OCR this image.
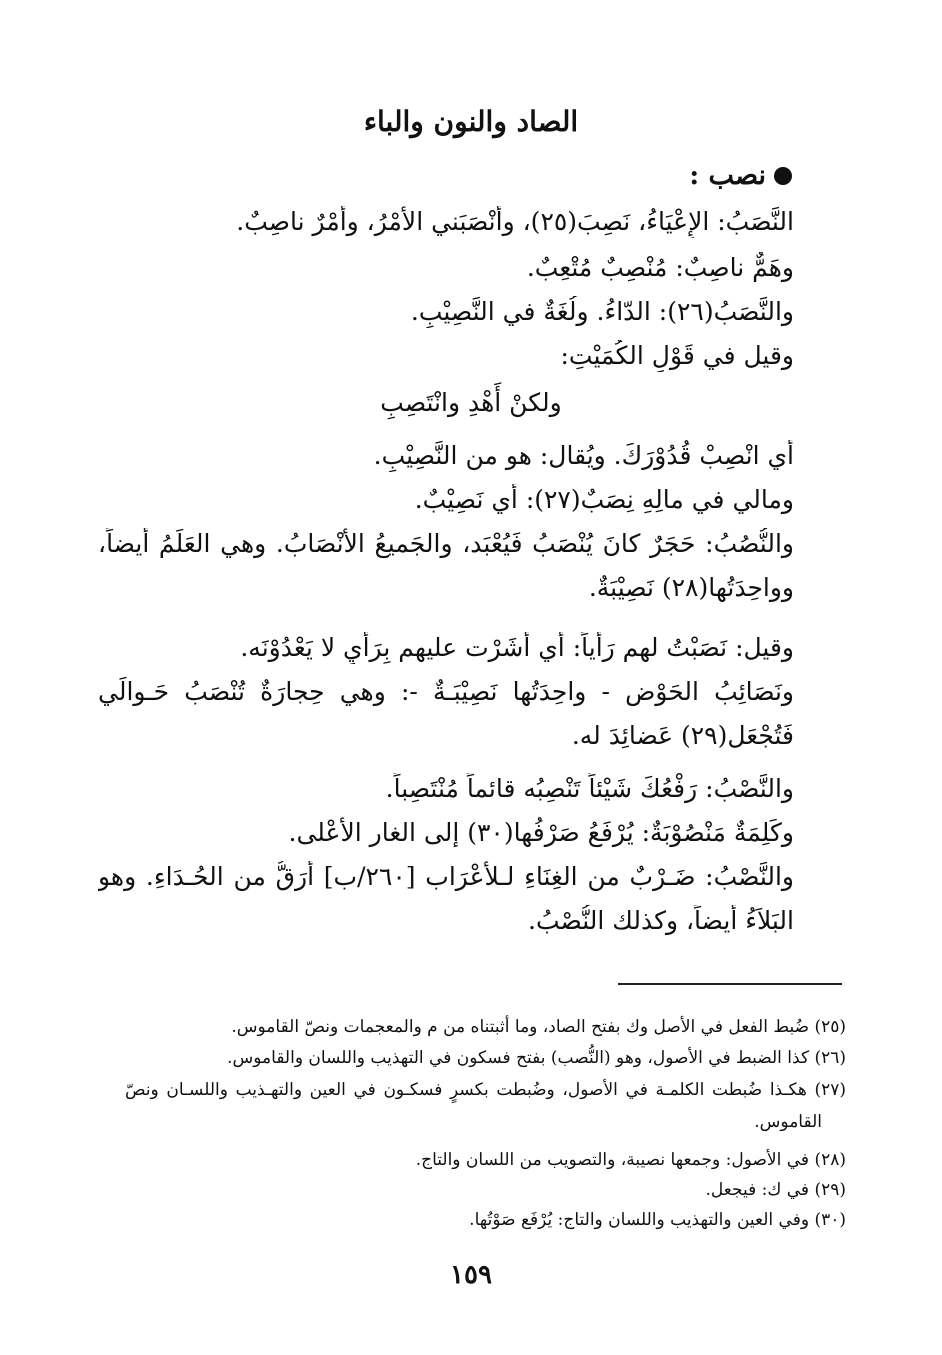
الصاد والنون والباء
نصب :
النَّصَبُ: الإِعْيَاءُ، نَصِبَ(٢٥)، وأَنْصَبَني الأَمْرُ، وأَمْرٌ ناصِبٌ.
وهَمٌّ ناصِبٌ: مُنْصِبٌ مُتْعِبٌ.
والنَّصَبُ(٢٦): الدّاءُ. ولُغَةٌ في النَّصِيْبِ.
وقيل في قَوْلِ الكُمَيْتِ:
ولكنْ أَهْدِ وانْتَصِبِ
أي انْصِبْ قُدُوْرَكَ. ويُقال: هو من النَّصِيْبِ.
ومالي في مالِهِ نِصَبٌ(٢٧): أي نَصِيْبٌ.
والنُّصُبُ: حَجَرٌ كانَ يُنْصَبُ فَيُعْبَد، والجَميعُ الأَنْصَابُ. وهي العَلَمُ أيضاً،
وواحِدَتُها(٢٨) نَصِيْبَةٌ.
وقيل: نَصَبْتُ لهم رَأْياً: أي أَشَرْت عليهم بِرَأْيٍ لا يَعْدُوْنَه.
ونَصَائِبُ الحَوْضِ - واحِدَتُها نَصِيْبَـةٌ -: وهي حِجارَةٌ تُنْصَبُ حَـوالَي
فَتُجْعَل(٢٩) عَضائِدَ له.
والنَّصْبُ: رَفْعُكَ شَيْئاً تَنْصِبُه قائماً مُنْتَصِباً.
وكَلِمَةٌ مَنْصُوْبَةٌ: يُرْفَعُ صَرْفُها(٣٠) إلى الغار الأَعْلى.
والنَّصْبُ: ضَـرْبٌ من الغِنَاءِ لـلأَعْرَاب [٢٦٠/ب] أَرَقُّ من الحُـدَاءِ. وهو
البَلاَءُ أيضاً، وكذلك النُّصْبُ.
(٢٥) ضُبط الفعل في الأصل وك بفتح الصاد، وما أثبتناه من م والمعجمات ونصّ القاموس.
(٢٦) كذا الضبط في الأصول، وهو (النُّصب) بفتح فسكون في التهذيب واللسان والقاموس.
(٢٧) هكـذا ضُبطت الكلمـة في الأصول، وضُبطت بكسرٍ فسكـون في العين والتهـذيب واللسـان ونصّ
القاموس.
(٢٨) في الأصول: وجمعها نصيبة، والتصويب من اللسان والتاج.
(٢٩) في ك: فيجعل.
(٣٠) وفي العين والتهذيب واللسان والتاج: يُرْفَع صَوْتُها.
١٥٩
